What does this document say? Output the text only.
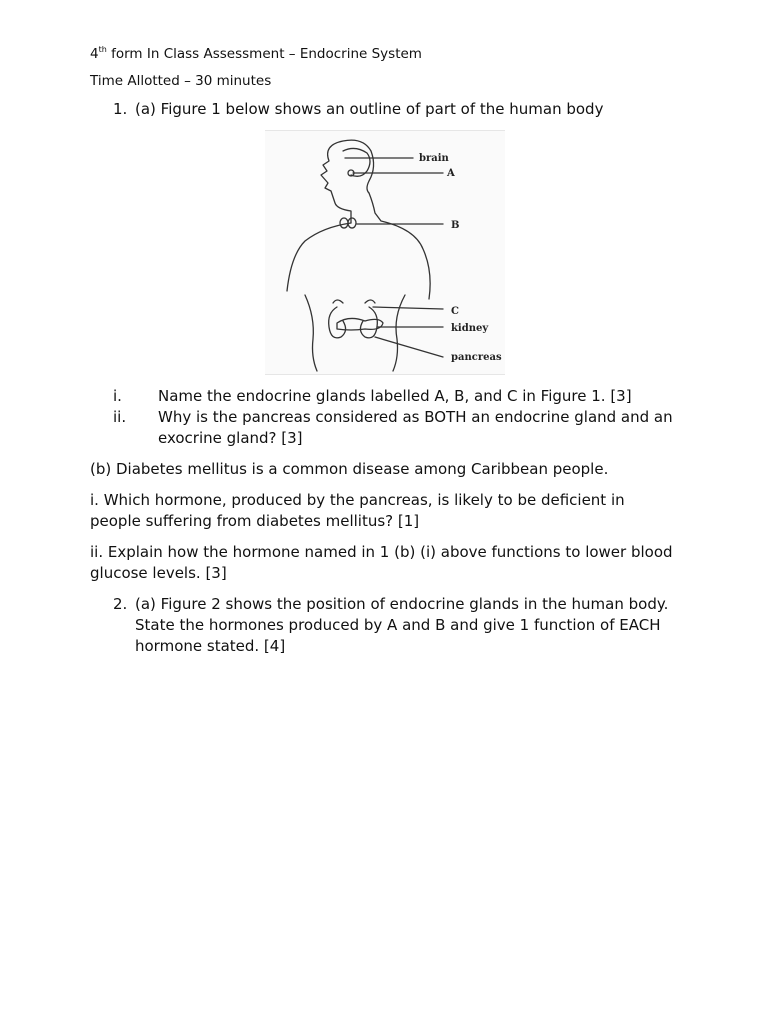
4th form In Class Assessment – Endocrine System
Time Allotted – 30 minutes
1. (a) Figure 1 below shows an outline of part of the human body
brain
A
B
C
kidney
pancreas
i. Name the endocrine glands labelled A, B, and C in Figure 1. [3]
ii. Why is the pancreas considered as BOTH an endocrine gland and an exocrine gland? [3]
(b) Diabetes mellitus is a common disease among Caribbean people.
i. Which hormone, produced by the pancreas, is likely to be deficient in people suffering from diabetes mellitus? [1]
ii. Explain how the hormone named in 1 (b) (i) above functions to lower blood glucose levels. [3]
2. (a) Figure 2 shows the position of endocrine glands in the human body. State the hormones produced by A and B and give 1 function of EACH hormone stated. [4]
